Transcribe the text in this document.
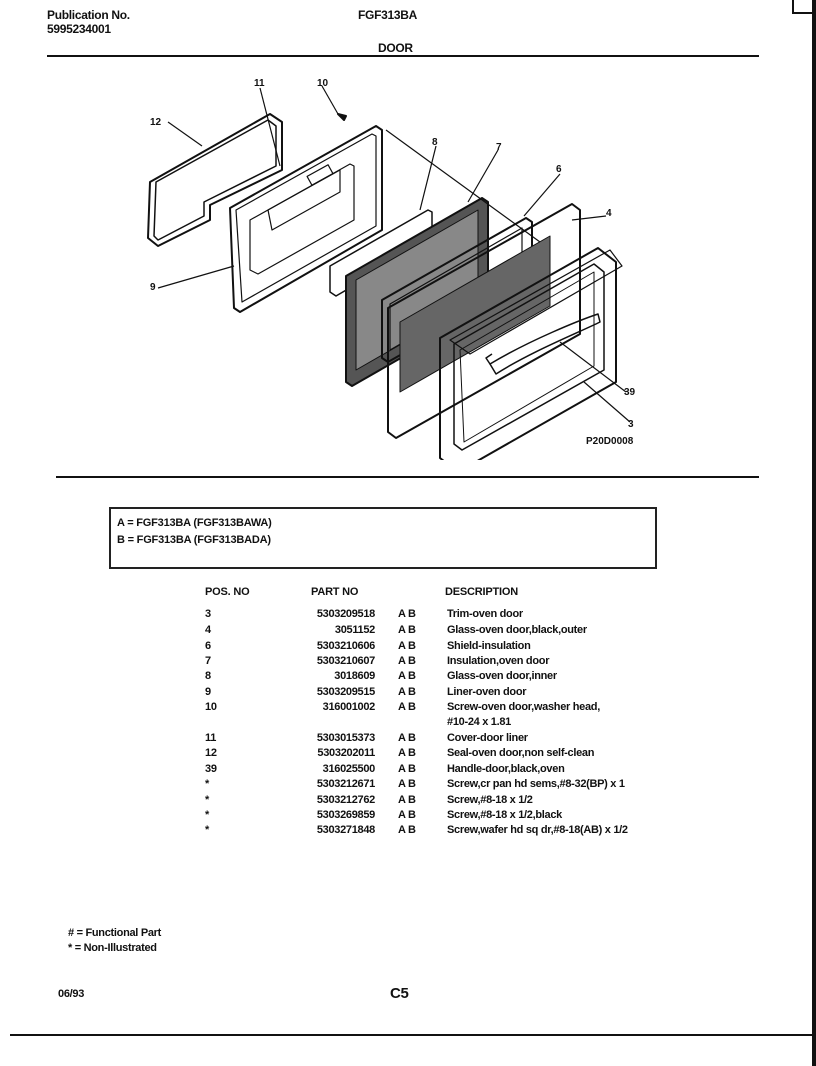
Publication No.
5995234001
FGF313BA
DOOR
11	10
12
8	7
6
4
9
39
3
P20D0008
A = FGF313BA (FGF313BAWA)
B = FGF313BA (FGF313BADA)
POS. NO	PART NO	DESCRIPTION
3	5303209518 A B	Trim-oven door
4	3051152 A B	Glass-oven door,black,outer
6	5303210606 A B	Shield-insulation
7	5303210607 A B	Insulation,oven door
8	3018609 A B	Glass-oven door,inner
9	5303209515 A B	Liner-oven door
10	316001002 A B	Screw-oven door,washer head,
#10-24 x 1.81
11	5303015373 A B	Cover-door liner
12	5303202011 A B	Seal-oven door,non self-clean
39	316025500 A B	Handle-door,black,oven
*	5303212671 A B	Screw,cr pan hd sems,#8-32(BP) x 1
*	5303212762 A B	Screw,#8-18 x 1/2
*	5303269859 A B	Screw,#8-18 x 1/2,black
*	5303271848 A B	Screw,wafer hd sq dr,#8-18(AB) x 1/2
# = Functional Part
* = Non-Illustrated
06/93	C5
